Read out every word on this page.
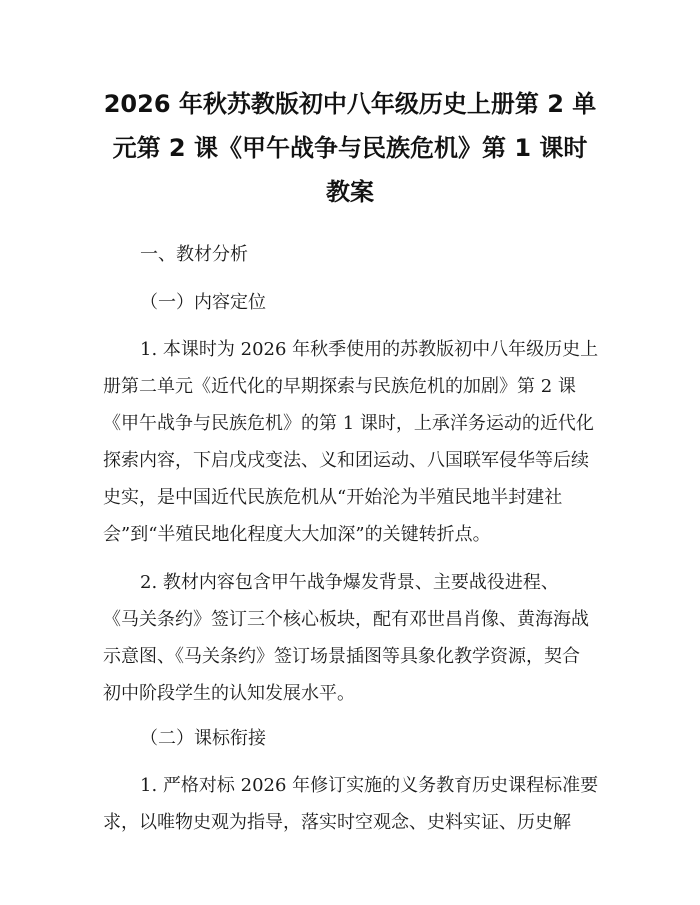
2026 年秋苏教版初中八年级历史上册第 2 单
元第 2 课《甲午战争与民族危机》第 1 课时
教案

一、教材分析

（一）内容定位

1. 本课时为 2026 年秋季使用的苏教版初中八年级历史上

册第二单元《近代化的早期探索与民族危机的加剧》第 2 课

《甲午战争与民族危机》的第 1 课时，上承洋务运动的近代化

探索内容，下启戊戌变法、义和团运动、八国联军侵华等后续

史实，是中国近代民族危机从“开始沦为半殖民地半封建社

会”到“半殖民地化程度大大加深”的关键转折点。

2. 教材内容包含甲午战争爆发背景、主要战役进程、

《马关条约》签订三个核心板块，配有邓世昌肖像、黄海海战

示意图、《马关条约》签订场景插图等具象化教学资源，契合

初中阶段学生的认知发展水平。

（二）课标衔接

1. 严格对标 2026 年修订实施的义务教育历史课程标准要

求，以唯物史观为指导，落实时空观念、史料实证、历史解
